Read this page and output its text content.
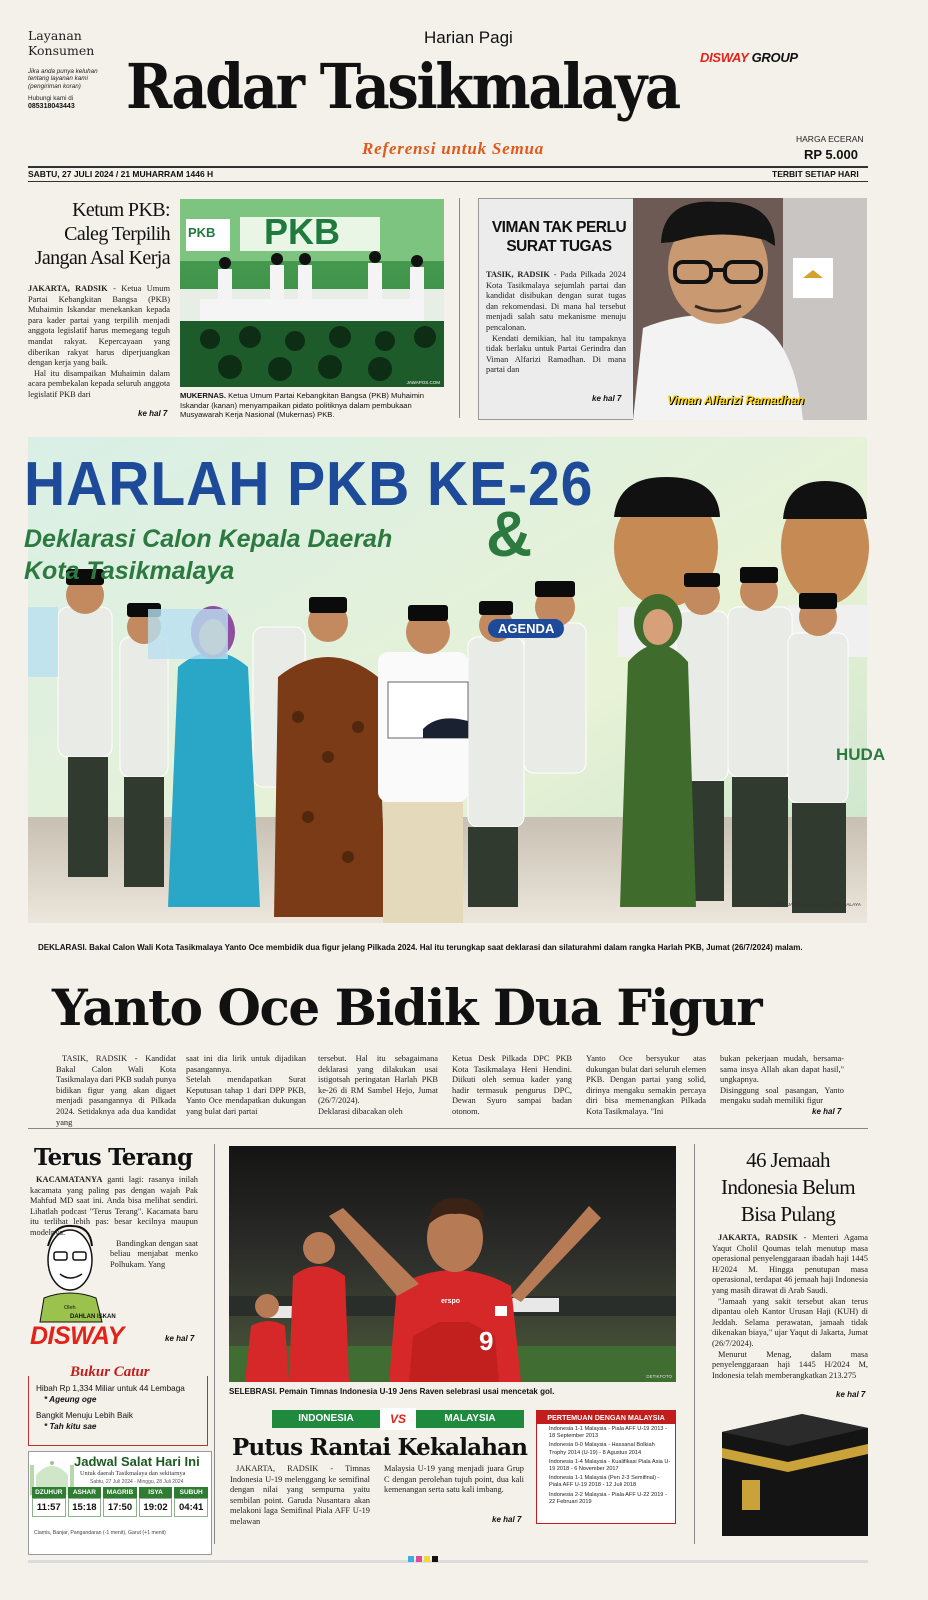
Layanan
Konsumen
Jika anda punya keluhan tentang layanan kami (pengiriman koran)
Hubungi kami di
085318043443
Harian Pagi
Radar Tasikmalaya
Referensi untuk Semua
DISWAY GROUP
HARGA ECERAN
RP 5.000
SABTU, 27 JULI 2024 / 21 MUHARRAM 1446 H	TERBIT SETIAP HARI
Ketum PKB: Caleg Terpilih Jangan Asal Kerja

JAKARTA, RADSIK - Ketua Umum Partai Kebangkitan Bangsa (PKB) Muhaimin Iskandar menekankan kepada para kader partai yang terpilih menjadi anggota legislatif harus memegang teguh mandat rakyat. Kepercayaan yang diberikan rakyat harus diperjuangkan dengan kerja yang baik.

Hal itu disampaikan Muhaimin dalam acara pembekalan kepada seluruh anggota legislatif PKB dari

ke hal 7
PKB PKB
JAWAPOS.COM
MUKERNAS. Ketua Umum Partai Kebangkitan Bangsa (PKB) Muhaimin Iskandar (kanan) menyampaikan pidato politiknya dalam pembukaan Musyawarah Kerja Nasional (Mukernas) PKB.
Viman Alfarizi Ramadhan
VIMAN TAK PERLU SURAT TUGAS

TASIK, RADSIK - Pada Pilkada 2024 Kota Tasikmalaya sejumlah partai dan kandidat disibukan dengan surat tugas dan rekomendasi. Di mana hal tersebut menjadi salah satu mekanisme menuju pencalonan.

Kendati demikian, hal itu tampaknya tidak berlaku untuk Partai Gerindra dan Viman Alfarizi Ramadhan. Di mana partai dan

ke hal 7
HARLAH PKB KE-26
Deklarasi Calon Kepala Daerah
Kota Tasikmalaya
&
AGENDA
HUDA
RANGGA JATNIKA / RADAR TASIKMALAYA
DEKLARASI. Bakal Calon Wali Kota Tasikmalaya Yanto Oce membidik dua figur jelang Pilkada 2024. Hal itu terungkap saat deklarasi dan silaturahmi dalam rangka Harlah PKB, Jumat (26/7/2024) malam.
Yanto Oce Bidik Dua Figur

TASIK, RADSIK - Kandidat Bakal Calon Wali Kota Tasikmalaya dari PKB sudah punya bidikan figur yang akan digaet menjadi pasangannya di Pilkada 2024. Setidaknya ada dua kandidat yang

saat ini dia lirik untuk dijadikan pasangannya.
Setelah mendapatkan Surat Keputusan tahap 1 dari DPP PKB, Yanto Oce mendapatkan dukungan yang bulat dari partai

tersebut. Hal itu sebagaimana deklarasi yang dilakukan usai istigotsah peringatan Harlah PKB ke-26 di RM Sambel Hejo, Jumat (26/7/2024).
Deklarasi dibacakan oleh

Ketua Desk Pilkada DPC PKB Kota Tasikmalaya Heni Hendini. Diikuti oleh semua kader yang hadir termasuk pengurus DPC, Dewan Syuro sampai badan otonom.

Yanto Oce bersyukur atas dukungan bulat dari seluruh elemen PKB. Dengan partai yang solid, dirinya mengaku semakin percaya diri bisa memenangkan Pilkada Kota Tasikmalaya. "Ini

bukan pekerjaan mudah, bersama-sama insya Allah akan dapat hasil," ungkapnya.
Disinggung soal pasangan, Yanto mengaku sudah memiliki figur

ke hal 7
Terus Terang

KACAMATANYA ganti lagi: rasanya inilah kacamata yang paling pas dengan wajah Pak Mahfud MD saat ini. Anda bisa melihat sendiri. Lihatlah podcast "Terus Terang". Kacamata baru itu terlihat lebih pas: besar kecilnya maupun modelnya.

Bandingkan dengan saat beliau menjabat menko Polhukam. Yang

Oleh
DAHLAN ISKAN
DISWAY	ke hal 7
Bukur Catur
Hibah Rp 1,334 Miliar untuk 44 Lembaga
* Ageung oge
Bangkit Menuju Lebih Baik
* Tah kitu sae
Jadwal Salat Hari Ini
Untuk daerah Tasikmalaya dan sekitarnya
Sabtu, 27 Juli 2024 · Minggu, 28 Juli 2024
DZUHUR
11:57
ASHAR
15:18
MAGRIB
17:50
ISYA
19:02
SUBUH
04:41
Ciamis, Banjar, Pangandaran (-1 menit), Garut (+1 menit)
erspo
9
DETIKFOTO
SELEBRASI. Pemain Timnas Indonesia U-19 Jens Raven selebrasi usai mencetak gol.
INDONESIA	VS	MALAYSIA
Putus Rantai Kekalahan

JAKARTA, RADSIK - Timnas Indonesia U-19 melenggang ke semifinal dengan nilai yang sempurna yaitu sembilan point. Garuda Nusantara akan melakoni laga Semifinal Piala AFF U-19 melawan

Malaysia U-19 yang menjadi juara Grup C dengan perolehan tujuh point, dua kali kemenangan serta satu kali imbang.

ke hal 7
PERTEMUAN DENGAN MALAYSIA
Indonesia 1-1 Malaysia - Piala AFF U-19 2013 - 18 September 2013
Indonesia 0-0 Malaysia - Hassanal Bolkiah Trophy 2014 (U-19) - 8 Agustus 2014
Indonesia 1-4 Malaysia - Kualifikasi Piala Asia U-19 2018 - 6 November 2017
Indonesia 1-1 Malaysia (Pen 2-3 Semifinal) - Piala AFF U-19 2018 - 12 Juli 2018
Indonesia 2-2 Malaysia - Piala AFF U-22 2019 - 22 Februari 2019
46 Jemaah Indonesia Belum Bisa Pulang

JAKARTA, RADSIK - Menteri Agama Yaqut Cholil Qoumas telah menutup masa operasional penyelenggaraan ibadah haji 1445 H/2024 M. Hingga penutupan masa operasional, terdapat 46 jemaah haji Indonesia yang masih dirawat di Arab Saudi.

"Jamaah yang sakit tersebut akan terus dipantau oleh Kantor Urusan Haji (KUH) di Jeddah. Selama perawatan, jamaah tidak dikenakan biaya," ujar Yaqut di Jakarta, Jumat (26/7/2024).

Menurut Menag, dalam masa penyelenggaraan haji 1445 H/2024 M, Indonesia telah memberangkatkan 213.275

ke hal 7
